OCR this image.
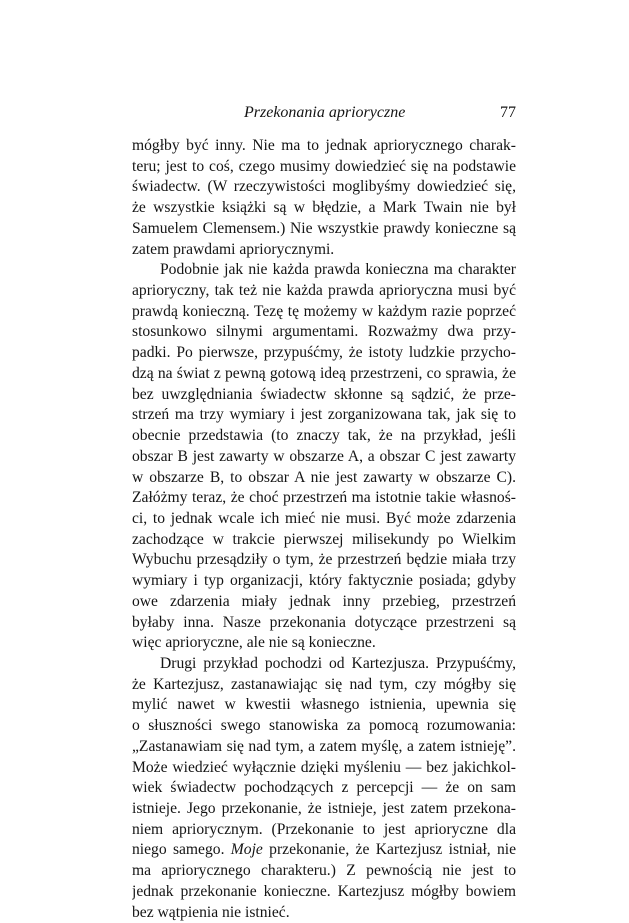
Przekonania aprioryczne	77
mógłby być inny. Nie ma to jednak apriorycznego charak-
teru; jest to coś, czego musimy dowiedzieć się na podstawie
świadectw. (W rzeczywistości moglibyśmy dowiedzieć się,
że wszystkie książki są w błędzie, a Mark Twain nie był
Samuelem Clemensem.) Nie wszystkie prawdy konieczne są
zatem prawdami apriorycznymi.
Podobnie jak nie każda prawda konieczna ma charakter
aprioryczny, tak też nie każda prawda aprioryczna musi być
prawdą konieczną. Tezę tę możemy w każdym razie poprzeć
stosunkowo silnymi argumentami. Rozważmy dwa przy-
padki. Po pierwsze, przypuśćmy, że istoty ludzkie przycho-
dzą na świat z pewną gotową ideą przestrzeni, co sprawia, że
bez uwzględniania świadectw skłonne są sądzić, że prze-
strzeń ma trzy wymiary i jest zorganizowana tak, jak się to
obecnie przedstawia (to znaczy tak, że na przykład, jeśli
obszar B jest zawarty w obszarze A, a obszar C jest zawarty
w obszarze B, to obszar A nie jest zawarty w obszarze C).
Załóżmy teraz, że choć przestrzeń ma istotnie takie własnoś-
ci, to jednak wcale ich mieć nie musi. Być może zdarzenia
zachodzące w trakcie pierwszej milisekundy po Wielkim
Wybuchu przesądziły o tym, że przestrzeń będzie miała trzy
wymiary i typ organizacji, który faktycznie posiada; gdyby
owe zdarzenia miały jednak inny przebieg, przestrzeń
byłaby inna. Nasze przekonania dotyczące przestrzeni są
więc aprioryczne, ale nie są konieczne.
Drugi przykład pochodzi od Kartezjusza. Przypuśćmy,
że Kartezjusz, zastanawiając się nad tym, czy mógłby się
mylić nawet w kwestii własnego istnienia, upewnia się
o słuszności swego stanowiska za pomocą rozumowania:
„Zastanawiam się nad tym, a zatem myślę, a zatem istnieję”.
Może wiedzieć wyłącznie dzięki myśleniu — bez jakichkol-
wiek świadectw pochodzących z percepcji — że on sam
istnieje. Jego przekonanie, że istnieje, jest zatem przekona-
niem apriorycznym. (Przekonanie to jest aprioryczne dla
niego samego. Moje przekonanie, że Kartezjusz istniał, nie
ma apriorycznego charakteru.) Z pewnością nie jest to
jednak przekonanie konieczne. Kartezjusz mógłby bowiem
bez wątpienia nie istnieć.
